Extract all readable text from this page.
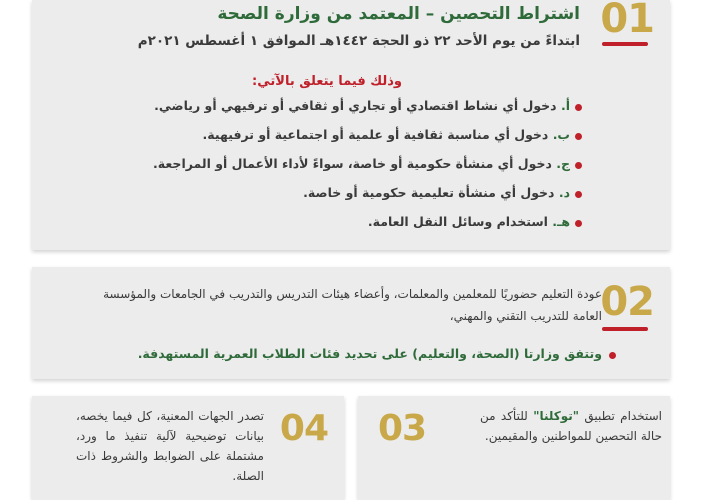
01
اشتراط التحصين – المعتمد من وزارة الصحة
ابتداءً من يوم الأحد ٢٢ ذو الحجة ١٤٤٢هـ الموافق ١ أغسطس ٢٠٢١م
وذلك فيما يتعلق بالآتي:
أ. دخول أي نشاط اقتصادي أو تجاري أو ثقافي أو ترفيهي أو رياضي.
ب. دخول أي مناسبة ثقافية أو علمية أو اجتماعية أو ترفيهية.
ج. دخول أي منشأة حكومية أو خاصة، سواءً لأداء الأعمال أو المراجعة.
د. دخول أي منشأة تعليمية حكومية أو خاصة.
هـ. استخدام وسائل النقل العامة.
02
عودة التعليم حضوريًا للمعلمين والمعلمات، وأعضاء هيئات التدريس والتدريب في الجامعات والمؤسسة العامة للتدريب التقني والمهني،
وتتفق وزارتا (الصحة، والتعليم) على تحديد فئات الطلاب العمرية المستهدفة.
03	استخدام تطبيق "توكلنا" للتأكد من حالة التحصين للمواطنين والمقيمين.
04
تصدر الجهات المعنية، كل فيما يخصه، بيانات توضيحية لآلية تنفيذ ما ورد، مشتملة على الضوابط والشروط ذات الصلة.
